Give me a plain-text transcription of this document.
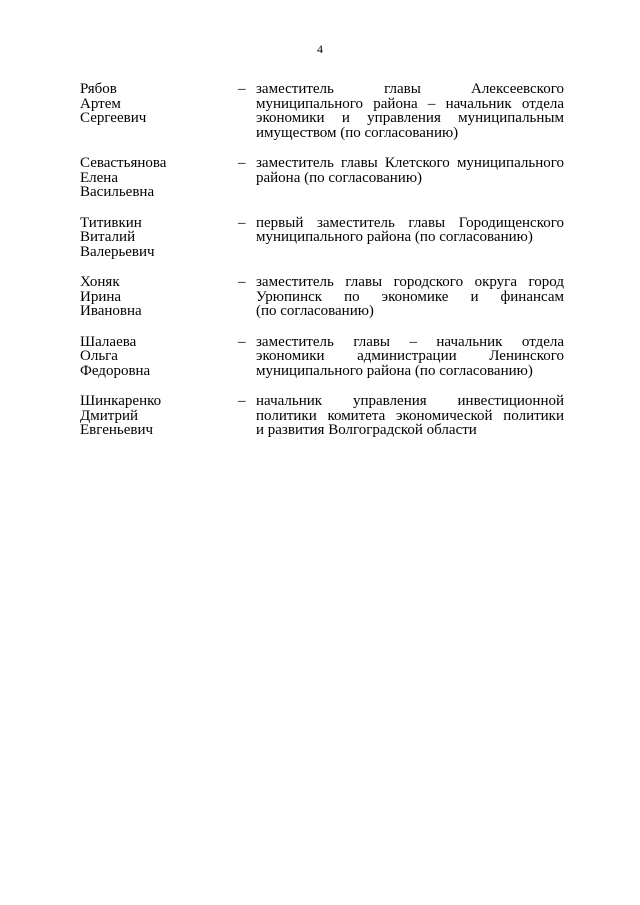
4
Рябов
Артем
Сергеевич
– заместитель главы Алексеевского
муниципального района – начальник отдела
экономики и управления муниципальным
имуществом (по согласованию)
Севастьянова
Елена
Васильевна
– заместитель главы Клетского муниципального
района (по согласованию)
Титивкин
Виталий
Валерьевич
– первый заместитель главы Городищенского
муниципального района (по согласованию)
Хоняк
Ирина
Ивановна
– заместитель главы городского округа город
Урюпинск по экономике и финансам
(по согласованию)
Шалаева
Ольга
Федоровна
– заместитель главы – начальник отдела
экономики администрации Ленинского
муниципального района (по согласованию)
Шинкаренко
Дмитрий
Евгеньевич
– начальник управления инвестиционной
политики комитета экономической политики
и развития Волгоградской области
